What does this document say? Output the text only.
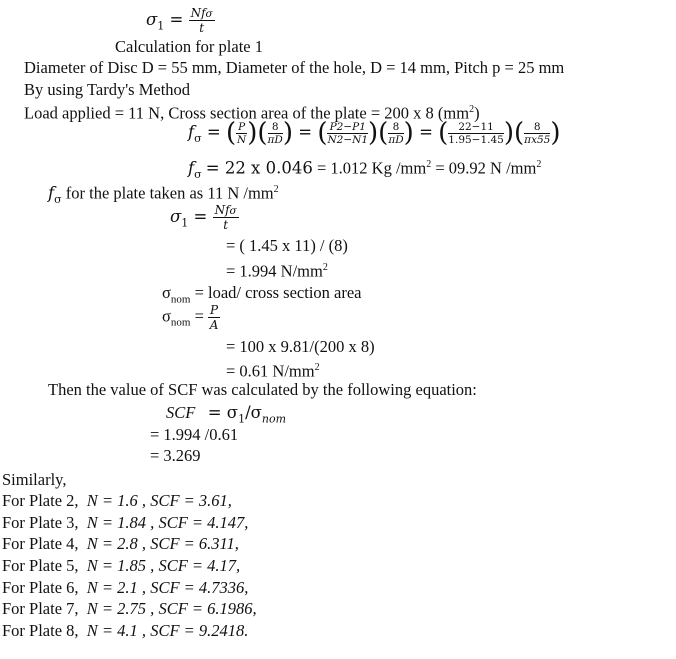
$\sigma_1 = \frac{\text{Nfσ}}{t}$
Calculation for plate 1
Diameter of Disc D = 55 mm, Diameter of the hole, D = 14 mm, Pitch p = 25 mm
By using Tardy's Method
Load applied = 11 N, Cross section area of the plate = 200 x 8 $(mm^2)$
$f_\sigma$ = ( $\frac{P}{N}$ )( $\frac{8}{\pi D}$ ) = ( $\frac{P2-P1}{N2-N1}$ )( $\frac{8}{\pi D}$ ) = ( $\frac{22-11}{1.95-1.45}$ )( $\frac{8}{\pi x55}$ )
$f_\sigma = 22$ x 0.046 = 1.012 Kg $/mm^2 = 09.92$ N $/mm^2$
$f_\sigma$ for the plate taken as 11 N $/mm^2$
$\sigma_1 = \frac{\text{Nfσ}}{t}$
= ( 1.45 x 11) / (8)
= 1.994 $N/mm^2$
$\sigma_{nom}$ = load/ cross section area
$\sigma_{nom} = \frac{P}{A}$
= 100 x 9.81/(200 x 8)
= 0.61 $N/mm^2$
Then the value of SCF was calculated by the following equation:
SCF = $\sigma_1/\sigma_{nom}$
= 1.994 /0.61
= 3.269
Similarly,
For Plate 2, N = 1.6 , SCF = 3.61,
For Plate 3, N = 1.84 , SCF = 4.147,
For Plate 4, N = 2.8 , SCF = 6.311,
For Plate 5, N = 1.85 , SCF = 4.17,
For Plate 6, N = 2.1 , SCF = 4.7336,
For Plate 7, N = 2.75 , SCF = 6.1986,
For Plate 8, N = 4.1 , SCF = 9.2418.
